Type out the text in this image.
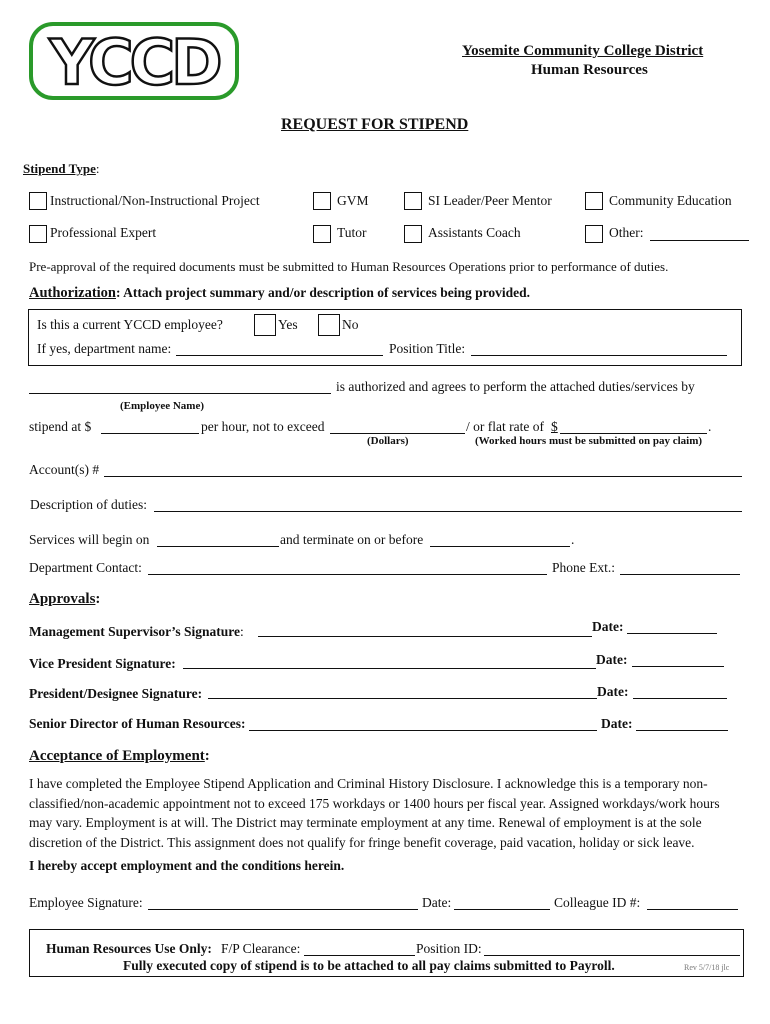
YCCD	Yosemite Community College District
Human Resources
REQUEST FOR STIPEND
Stipend Type:
Instructional/Non-Instructional Project	GVM	SI Leader/Peer Mentor	Community Education
Professional Expert	Tutor	Assistants Coach	Other:
Pre-approval of the required documents must be submitted to Human Resources Operations prior to performance of duties.
Authorization: Attach project summary and/or description of services being provided.
Is this a current YCCD employee?	Yes	No
If yes, department name:	Position Title:
is authorized and agrees to perform the attached duties/services by
(Employee Name)
stipend at $	per hour, not to exceed	/ or flat rate of $	.
(Dollars)	(Worked hours must be submitted on pay claim)
Account(s) #
Description of duties:
Services will begin on	and terminate on or before	.
Department Contact:	Phone Ext.:
Approvals:
Management Supervisor’s Signature:	Date:
Vice President Signature:	Date:
President/Designee Signature:	Date:
Senior Director of Human Resources:	Date:
Acceptance of Employment:
I have completed the Employee Stipend Application and Criminal History Disclosure. I acknowledge this is a temporary non-classified/non-academic appointment not to exceed 175 workdays or 1400 hours per fiscal year. Assigned workdays/work hours may vary. Employment is at will. The District may terminate employment at any time. Renewal of employment is at the sole discretion of the District. This assignment does not qualify for fringe benefit coverage, paid vacation, holiday or sick leave.
I hereby accept employment and the conditions herein.
Employee Signature:	Date:	Colleague ID #:
Human Resources Use Only: F/P Clearance:	Position ID:
Fully executed copy of stipend is to be attached to all pay claims submitted to Payroll.	Rev 5/7/18 jlc
